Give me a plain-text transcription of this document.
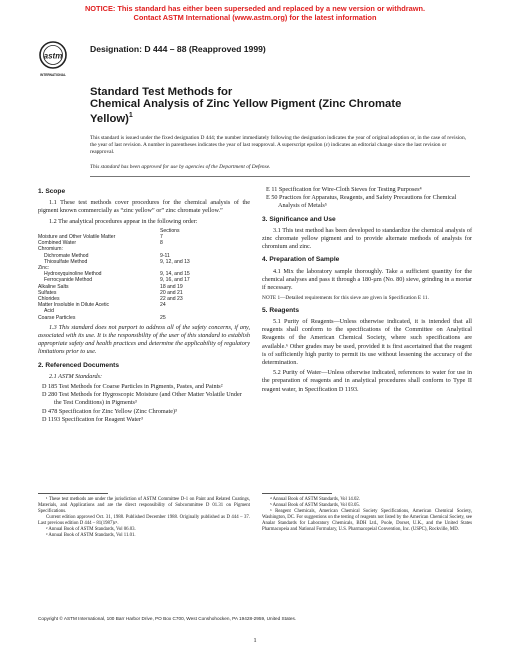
NOTICE: This standard has either been superseded and replaced by a new version or withdrawn.
Contact ASTM International (www.astm.org) for the latest information
astm
INTERNATIONAL
Designation: D 444 – 88 (Reapproved 1999)
Standard Test Methods for
Chemical Analysis of Zinc Yellow Pigment (Zinc Chromate
Yellow)$^1$
This standard is issued under the fixed designation D 444; the number immediately following the designation indicates the year of original adoption or, in the case of revision, the year of last revision. A number in parentheses indicates the year of last reapproval. A superscript epsilon (ε) indicates an editorial change since the last revision or reapproval.
This standard has been approved for use by agencies of the Department of Defense.
1. Scope

1.1 These test methods cover procedures for the chemical analysis of the pigment known commercially as “zinc yellow” or” zinc chromate yellow.”

1.2 The analytical procedures appear in the following order:

Sections
Moisture and Other Volatile Matter	7
Combined Water	8
Chromium:
Dichromate Method	9-11
Thiosulfate Method	9, 12, and 13
Zinc:
Hydroxyquinoline Method	9, 14, and 15
Ferrocyanide Method	9, 16, and 17
Alkaline Salts	18 and 19
Sulfates	20 and 21
Chlorides	22 and 23
Matter Insoluble in Dilute Acetic	24
Acid
Coarse Particles	25

1.3 This standard does not purport to address all of the safety concerns, if any, associated with its use. It is the responsibility of the user of this standard to establish appropriate safety and health practices and determine the applicability of regulatory limitations prior to use.

2. Referenced Documents

2.1 ASTM Standards:

D 185 Test Methods for Coarse Particles in Pigments, Pastes, and Paints²

D 280 Test Methods for Hygroscopic Moisture (and Other Matter Volatile Under the Test Conditions) in Pigments³

D 478 Specification for Zinc Yellow (Zinc Chromate)³

D 1193 Specification for Reagent Water³

E 11 Specification for Wire-Cloth Sieves for Testing Purposes⁴

E 50 Practices for Apparatus, Reagents, and Safety Precautions for Chemical Analysis of Metals⁵

3. Significance and Use

3.1 This test method has been developed to standardize the chemical analysis of zinc chromate yellow pigment and to provide alternate methods of analysis for chromium and zinc.

4. Preparation of Sample

4.1 Mix the laboratory sample thoroughly. Take a sufficient quantity for the chemical analyses and pass it through a 180-µm (No. 80) sieve, grinding in a mortar if necessary.

NOTE 1—Detailed requirements for this sieve are given in Specification E 11.
5. Reagents

5.1 Purity of Reagents—Unless otherwise indicated, it is intended that all reagents shall conform to the specifications of the Committee on Analytical Reagents of the American Chemical Society, where such specifications are available.⁶ Other grades may be used, provided it is first ascertained that the reagent is of sufficiently high purity to permit its use without lessening the accuracy of the determination.

5.2 Purity of Water—Unless otherwise indicated, references to water for use in the preparation of reagents and in analytical procedures shall conform to Type II reagent water, in Specification D 1193.

¹ These test methods are under the jurisdiction of ASTM Committee D-1 on Paint and Related Coatings, Materials, and Applications and are the direct responsibility of Subcommittee D 01.31 on Pigment Specifications.

Current edition approved Oct. 31, 1988. Published December 1988. Originally published as D 444 – 37. Last previous edition D 444 – 81(1987)ε¹.

² Annual Book of ASTM Standards, Vol 06.03.

³ Annual Book of ASTM Standards, Vol 11.01.

⁴ Annual Book of ASTM Standards, Vol 14.02.

⁵ Annual Book of ASTM Standards, Vol 03.05.

⁶ Reagent Chemicals, American Chemical Society Specifications, American Chemical Society, Washington, DC. For suggestions on the testing of reagents not listed by the American Chemical Society, see Analar Standards for Laboratory Chemicals, BDH Ltd., Poole, Dorset, U.K., and the United States Pharmacopeia and National Formulary, U.S. Pharmacopeial Convention, Inc. (USPC), Rockville, MD.

Copyright © ASTM International, 100 Barr Harbor Drive, PO Box C700, West Conshohocken, PA 19428-2959, United States.
1
